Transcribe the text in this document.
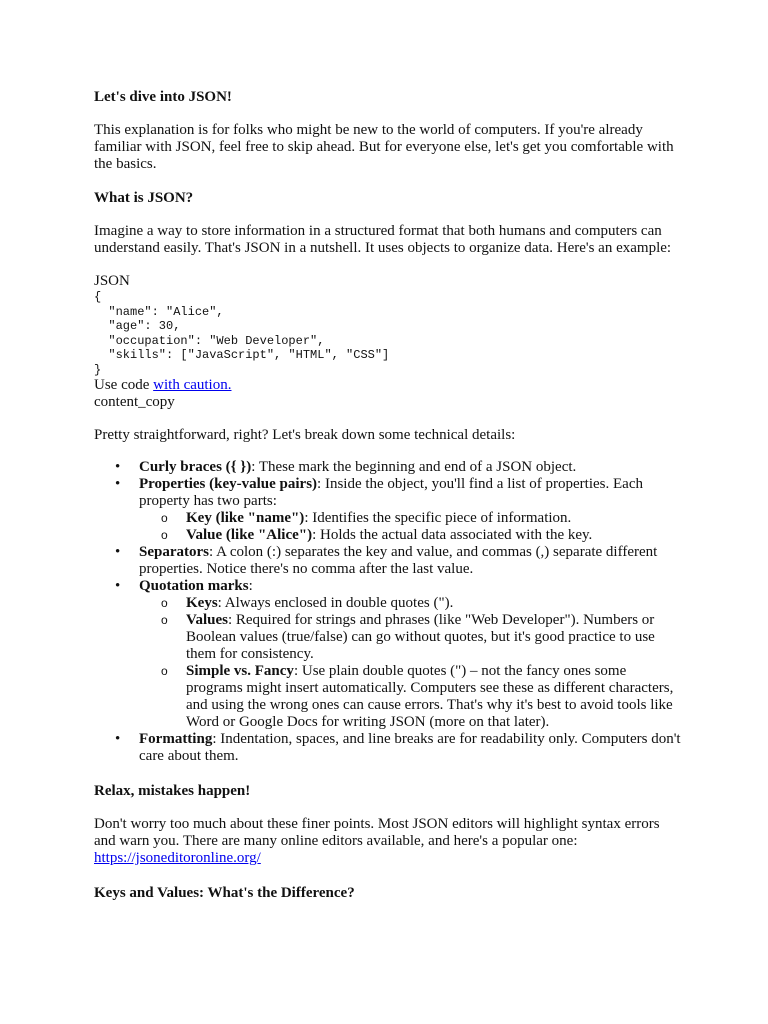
Let's dive into JSON!

This explanation is for folks who might be new to the world of computers. If you're already familiar with JSON, feel free to skip ahead. But for everyone else, let's get you comfortable with the basics.

What is JSON?

Imagine a way to store information in a structured format that both humans and computers can understand easily. That's JSON in a nutshell. It uses objects to organize data. Here's an example:

JSON
{
"name": "Alice",
"age": 30,
"occupation": "Web Developer",
"skills": ["JavaScript", "HTML", "CSS"]
}
Use code with caution.
content_copy

Pretty straightforward, right? Let's break down some technical details:

• Curly braces ({ }): These mark the beginning and end of a JSON object.
• Properties (key-value pairs): Inside the object, you'll find a list of properties. Each property has two parts:
o Key (like "name"): Identifies the specific piece of information.
o Value (like "Alice"): Holds the actual data associated with the key.
• Separators: A colon (:) separates the key and value, and commas (,) separate different properties. Notice there's no comma after the last value.
• Quotation marks:
o Keys: Always enclosed in double quotes (").
o Values: Required for strings and phrases (like "Web Developer"). Numbers or Boolean values (true/false) can go without quotes, but it's good practice to use them for consistency.
o Simple vs. Fancy: Use plain double quotes (") – not the fancy ones some programs might insert automatically. Computers see these as different characters, and using the wrong ones can cause errors. That's why it's best to avoid tools like Word or Google Docs for writing JSON (more on that later).
• Formatting: Indentation, spaces, and line breaks are for readability only. Computers don't care about them.
Relax, mistakes happen!

Don't worry too much about these finer points. Most JSON editors will highlight syntax errors and warn you. There are many online editors available, and here's a popular one: https://jsoneditoronline.org/

Keys and Values: What's the Difference?
